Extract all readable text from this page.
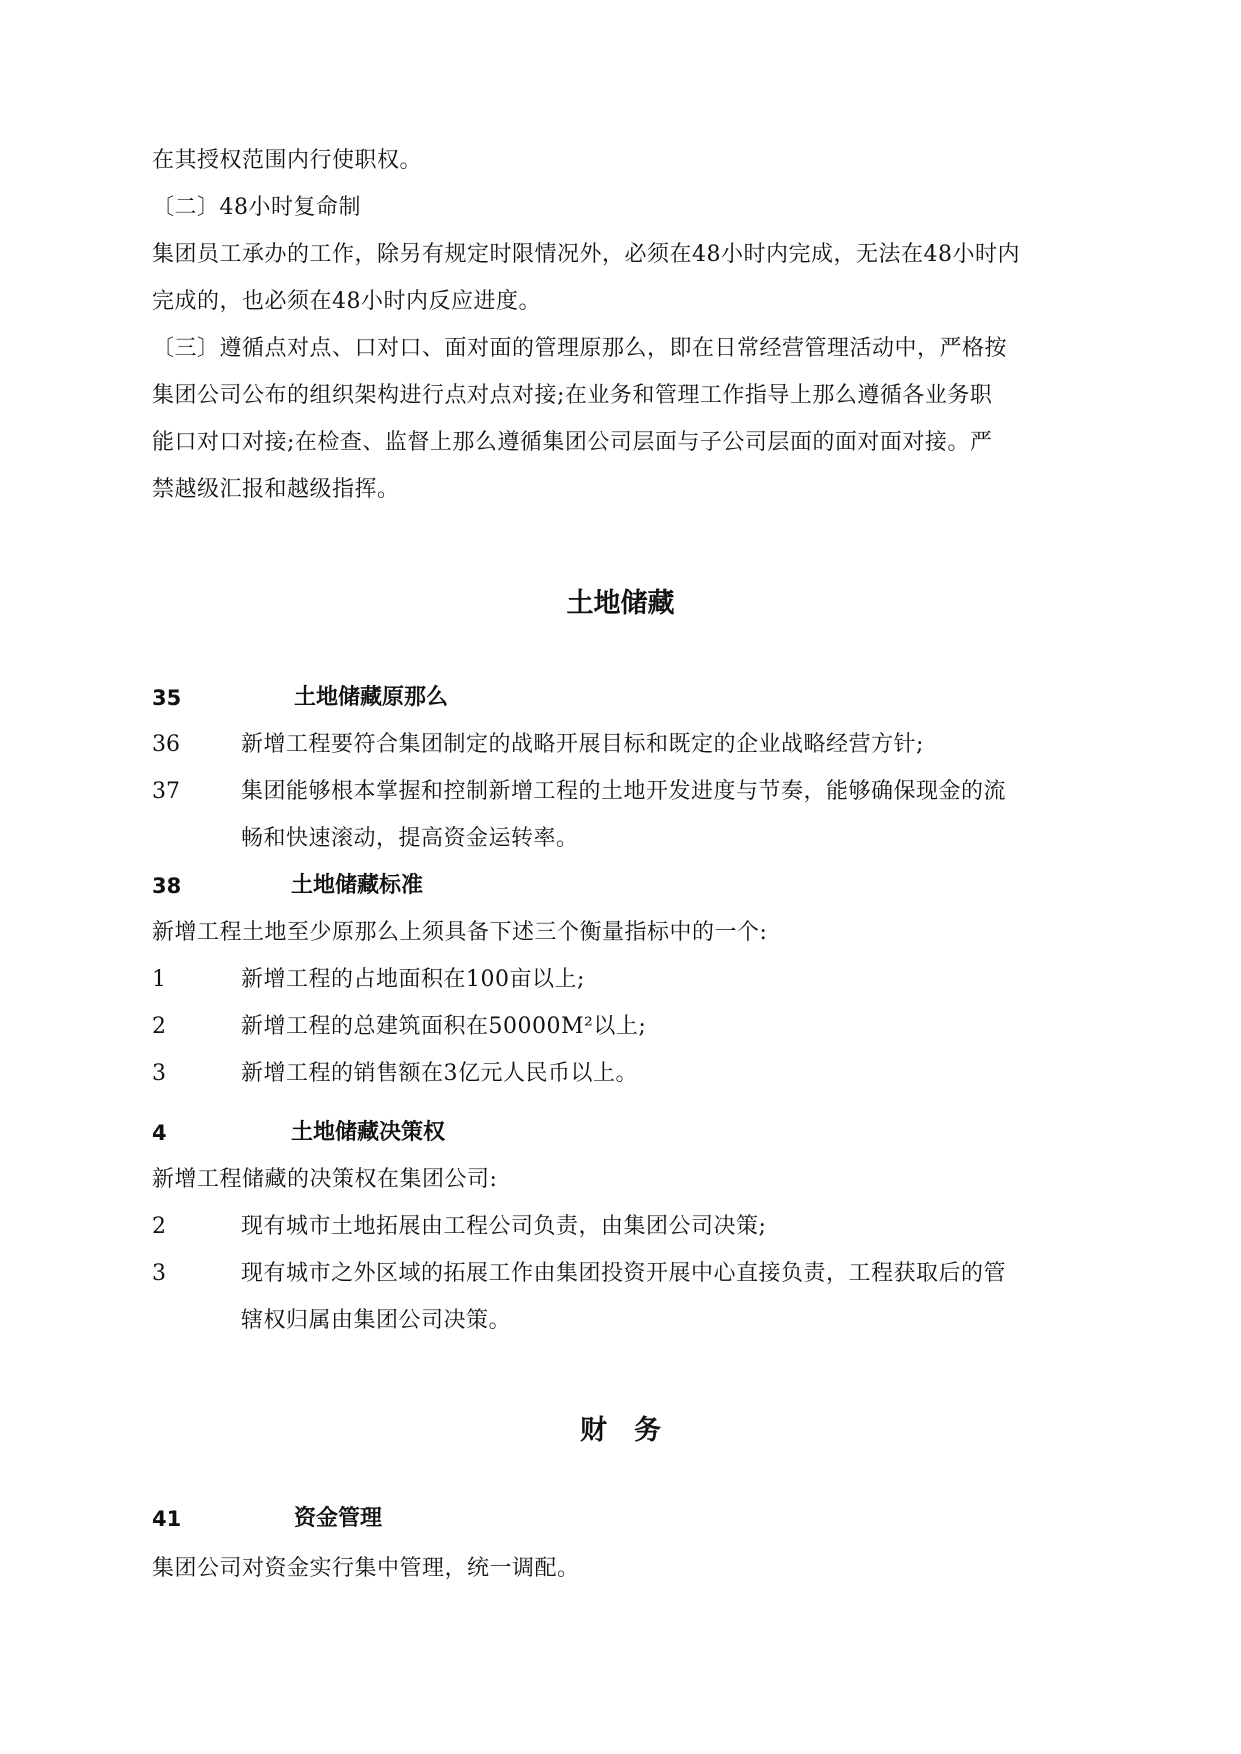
在其授权范围内行使职权。
〔二〕48小时复命制
集团员工承办的工作，除另有规定时限情况外，必须在48小时内完成，无法在48小时内
完成的，也必须在48小时内反应进度。
〔三〕遵循点对点、口对口、面对面的管理原那么，即在日常经营管理活动中，严格按
集团公司公布的组织架构进行点对点对接;在业务和管理工作指导上那么遵循各业务职
能口对口对接;在检查、监督上那么遵循集团公司层面与子公司层面的面对面对接。严
禁越级汇报和越级指挥。
土地储藏
35	土地储藏原那么
36	新增工程要符合集团制定的战略开展目标和既定的企业战略经营方针;
37	集团能够根本掌握和控制新增工程的土地开发进度与节奏，能够确保现金的流
畅和快速滚动，提高资金运转率。
38	土地储藏标准
新增工程土地至少原那么上须具备下述三个衡量指标中的一个:
1	新增工程的占地面积在100亩以上;
2	新增工程的总建筑面积在50000M²以上;
3	新增工程的销售额在3亿元人民币以上。
4	土地储藏决策权
新增工程储藏的决策权在集团公司:
2	现有城市土地拓展由工程公司负责，由集团公司决策;
3	现有城市之外区域的拓展工作由集团投资开展中心直接负责，工程获取后的管
辖权归属由集团公司决策。
财　务
41	资金管理
集团公司对资金实行集中管理，统一调配。
